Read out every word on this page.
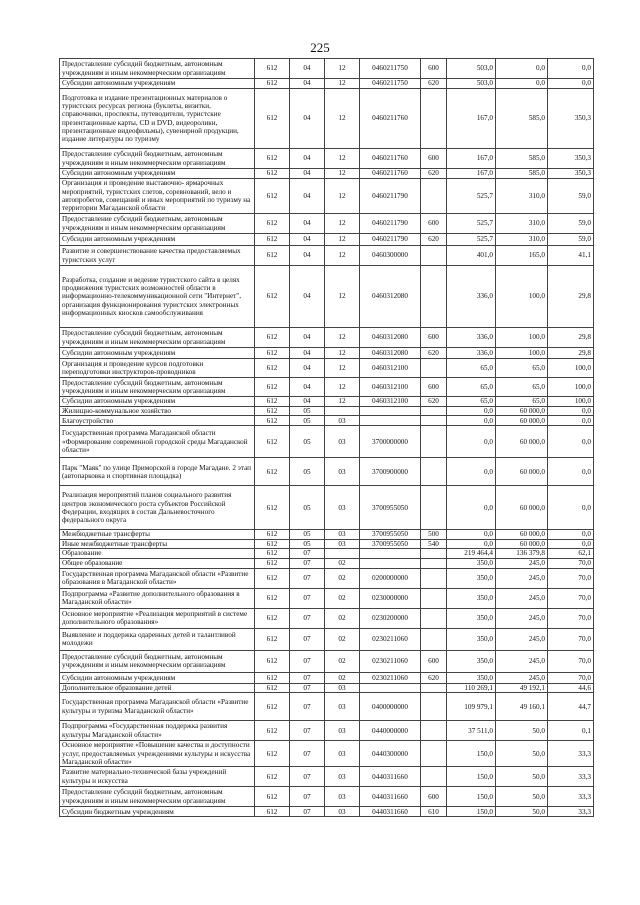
225
Предоставление субсидий бюджетным, автономным учреждениям и иным некоммерческим организациям	612	04	12	0460211750	600	503,0	0,0	0,0
Субсидии автономным учреждениям	612	04	12	0460211750	620	503,0	0,0	0,0
Подготовка и издание презентационных материалов о туристских ресурсах региона (буклеты, визитки, справочники, проспекты, путеводители, туристские презентационные карты, CD и DVD, видеоролики, презентационные видеофильмы), сувенирной продукции, издание литературы по туризму	612	04	12	0460211760		167,0	585,0	350,3
Предоставление субсидий бюджетным, автономным учреждениям и иным некоммерческим организациям	612	04	12	0460211760	600	167,0	585,0	350,3
Субсидии автономным учреждениям	612	04	12	0460211760	620	167,0	585,0	350,3
Организация и проведение выставочно- ярмарочных мероприятий, туристских слетов, соревнований, вело и автопробегов, совещаний и иных мероприятий по туризму на территории Магаданской области	612	04	12	0460211790		525,7	310,0	59,0
Предоставление субсидий бюджетным, автономным учреждениям и иным некоммерческим организациям	612	04	12	0460211790	600	525,7	310,0	59,0
Субсидии автономным учреждениям	612	04	12	0460211790	620	525,7	310,0	59,0
Развитие и совершенствование качества предоставляемых туристских услуг	612	04	12	0460300000		401,0	165,0	41,1
Разработка, создание и ведение туристского сайта в целях продвижения туристских возможностей области в информационно-телекоммуникационной сети "Интернет", организация функционирования туристских электронных информационных киосков самообслуживания	612	04	12	0460312080		336,0	100,0	29,8
Предоставление субсидий бюджетным, автономным учреждениям и иным некоммерческим организациям	612	04	12	0460312080	600	336,0	100,0	29,8
Субсидии автономным учреждениям	612	04	12	0460312080	620	336,0	100,0	29,8
Организация и проведение курсов подготовки переподготовки инструкторов-проводников	612	04	12	0460312100		65,0	65,0	100,0
Предоставление субсидий бюджетным, автономным учреждениям и иным некоммерческим организациям	612	04	12	0460312100	600	65,0	65,0	100,0
Субсидии автономным учреждениям	612	04	12	0460312100	620	65,0	65,0	100,0
Жилищно-коммунальное хозяйство	612	05				0,0	60 000,0	0,0
Благоустройство	612	05	03			0,0	60 000,0	0,0
Государственная программа Магаданской области «Формирование современной городской среды Магаданской области»	612	05	03	3700000000		0,0	60 000,0	0,0
Парк "Маяк" по улице Приморской в городе Магадане. 2 этап (автопарковка и спортивная площадка)	612	05	03	3700900000		0,0	60 000,0	0,0
Реализация мероприятий планов социального развития центров экономического роста субъектов Российской Федерации, входящих в состав Дальневосточного федерального округа	612	05	03	3700955050		0,0	60 000,0	0,0
Межбюджетные трансферты	612	05	03	3700955050	500	0,0	60 000,0	0,0
Иные межбюджетные трансферты	612	05	03	3700955050	540	0,0	60 000,0	0,0
Образование	612	07				219 464,4	136 379,8	62,1
Общее образование	612	07	02			350,0	245,0	70,0
Государственная программа Магаданской области «Развитие образования в Магаданской области»	612	07	02	0200000000		350,0	245,0	70,0
Подпрограмма «Развитие дополнительного образования в Магаданской области»	612	07	02	0230000000		350,0	245,0	70,0
Основное мероприятие «Реализация мероприятий в системе дополнительного образования»	612	07	02	0230200000		350,0	245,0	70,0
Выявление и поддержка одаренных детей и талантливой молодежи	612	07	02	0230211060		350,0	245,0	70,0
Предоставление субсидий бюджетным, автономным учреждениям и иным некоммерческим организациям	612	07	02	0230211060	600	350,0	245,0	70,0
Субсидии автономным учреждениям	612	07	02	0230211060	620	350,0	245,0	70,0
Дополнительное образование детей	612	07	03			110 269,1	49 192,1	44,6
Государственная программа Магаданской области «Развитие культуры и туризма Магаданской области»	612	07	03	0400000000		109 979,1	49 160,1	44,7
Подпрограмма «Государственная поддержка развития культуры Магаданской области»	612	07	03	0440000000		37 511,0	50,0	0,1
Основное мероприятие «Повышение качества и доступности услуг, предоставляемых учреждениями культуры и искусства Магаданской области»	612	07	03	0440300000		150,0	50,0	33,3
Развитие материально-технической базы учреждений культуры и искусства	612	07	03	0440311660		150,0	50,0	33,3
Предоставление субсидий бюджетным, автономным учреждениям и иным некоммерческим организациям	612	07	03	0440311660	600	150,0	50,0	33,3
Субсидии бюджетным учреждениям	612	07	03	0440311660	610	150,0	50,0	33,3
